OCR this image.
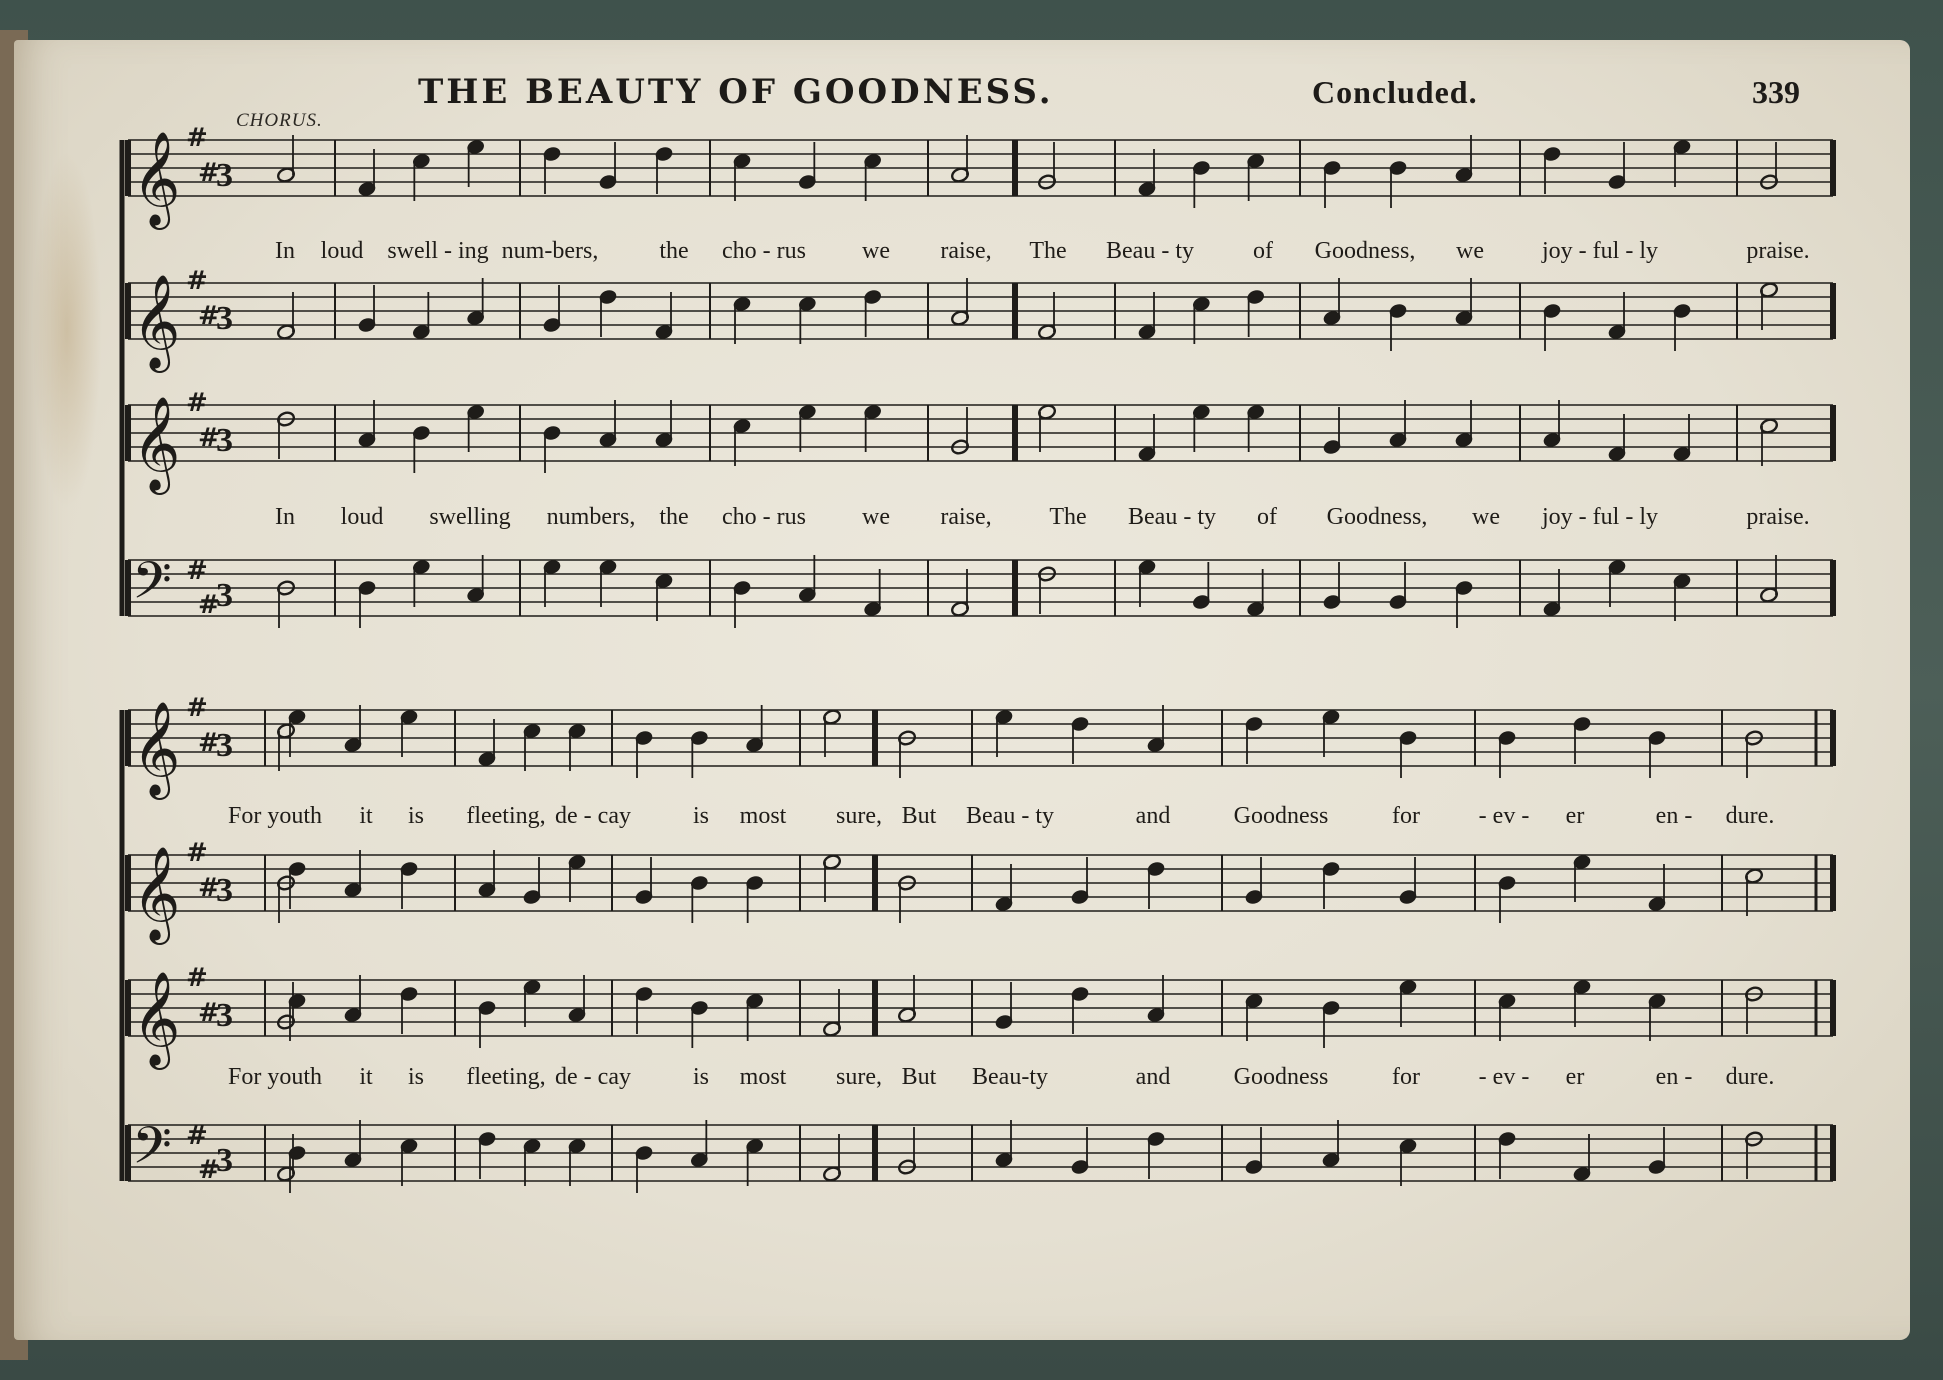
THE BEAUTY OF GOODNESS.	Concluded.	339
CHORUS.
𝄞 #
#
3
𝄞 #
#
3
𝄞 #
#
3
𝄢 #
#
3
𝄞 #
#
3
𝄞 #
#
3
𝄞 #
#
3
𝄢 #
#
3
In loud swell - ing num-bers,	the cho - rus we raise, The Beau - ty of Goodness, we joy - ful - ly	praise.
In loud swelling numbers, the cho - rus we raise, The Beau - ty of Goodness, we joy - ful - ly	praise.
For youth it is fleeting, de - cay	is most sure, But Beau - ty	and	Goodness	for - ev - er	en - dure.
For youth it is fleeting, de - cay	is most sure, But Beau-ty	and	Goodness	for - ev - er	en - dure.
